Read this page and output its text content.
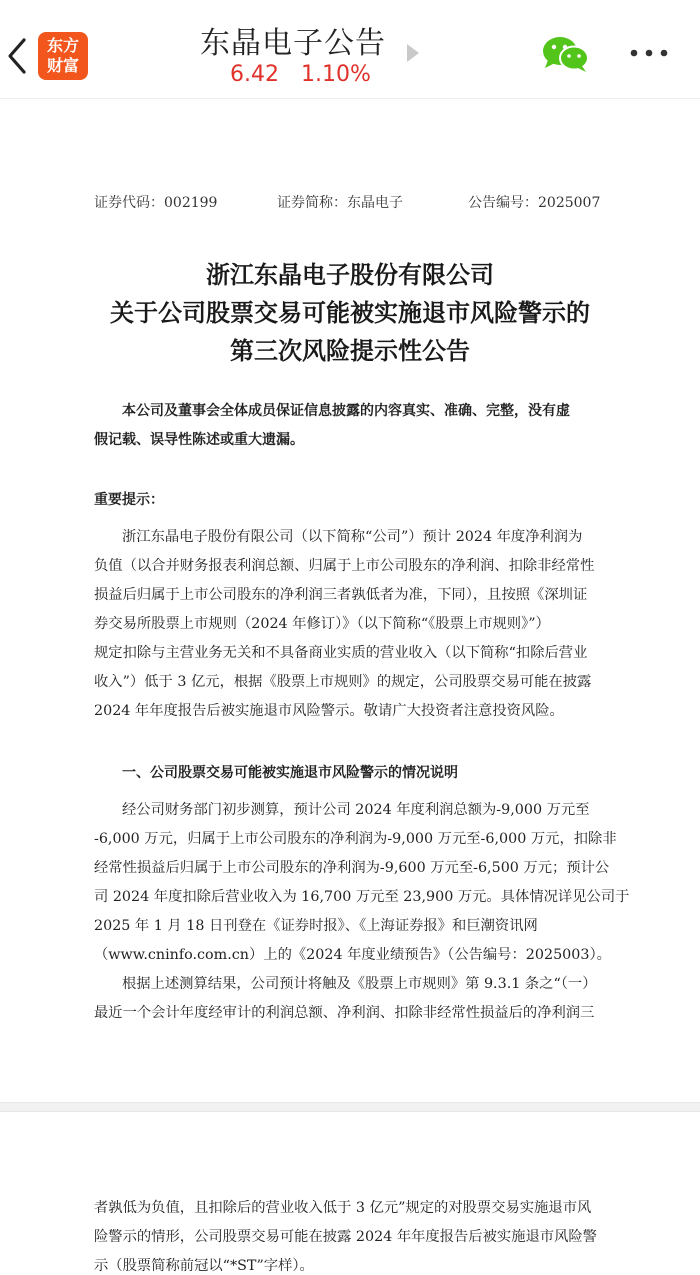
东方
财富
东晶电子公告
6.42 1.10%
证券代码：002199	证券简称：东晶电子	公告编号：2025007
浙江东晶电子股份有限公司
关于公司股票交易可能被实施退市风险警示的
第三次风险提示性公告
本公司及董事会全体成员保证信息披露的内容真实、准确、完整，没有虚
假记载、误导性陈述或重大遗漏。
重要提示：
浙江东晶电子股份有限公司（以下简称“公司”）预计 2024 年度净利润为
负值（以合并财务报表利润总额、归属于上市公司股东的净利润、扣除非经常性
损益后归属于上市公司股东的净利润三者孰低者为准，下同），且按照《深圳证
券交易所股票上市规则（2024 年修订）》（以下简称“《股票上市规则》”）
规定扣除与主营业务无关和不具备商业实质的营业收入（以下简称“扣除后营业
收入”）低于 3 亿元，根据《股票上市规则》的规定，公司股票交易可能在披露
2024 年年度报告后被实施退市风险警示。敬请广大投资者注意投资风险。
一、公司股票交易可能被实施退市风险警示的情况说明
经公司财务部门初步测算，预计公司 2024 年度利润总额为-9,000 万元至
-6,000 万元，归属于上市公司股东的净利润为-9,000 万元至-6,000 万元，扣除非
经常性损益后归属于上市公司股东的净利润为-9,600 万元至-6,500 万元；预计公
司 2024 年度扣除后营业收入为 16,700 万元至 23,900 万元。具体情况详见公司于
2025 年 1 月 18 日刊登在《证券时报》、《上海证券报》和巨潮资讯网
（www.cninfo.com.cn）上的《2024 年度业绩预告》（公告编号：2025003）。
根据上述测算结果，公司预计将触及《股票上市规则》第 9.3.1 条之“（一）
最近一个会计年度经审计的利润总额、净利润、扣除非经常性损益后的净利润三
者孰低为负值，且扣除后的营业收入低于 3 亿元”规定的对股票交易实施退市风
险警示的情形，公司股票交易可能在披露 2024 年年度报告后被实施退市风险警
示（股票简称前冠以“*ST”字样）。
